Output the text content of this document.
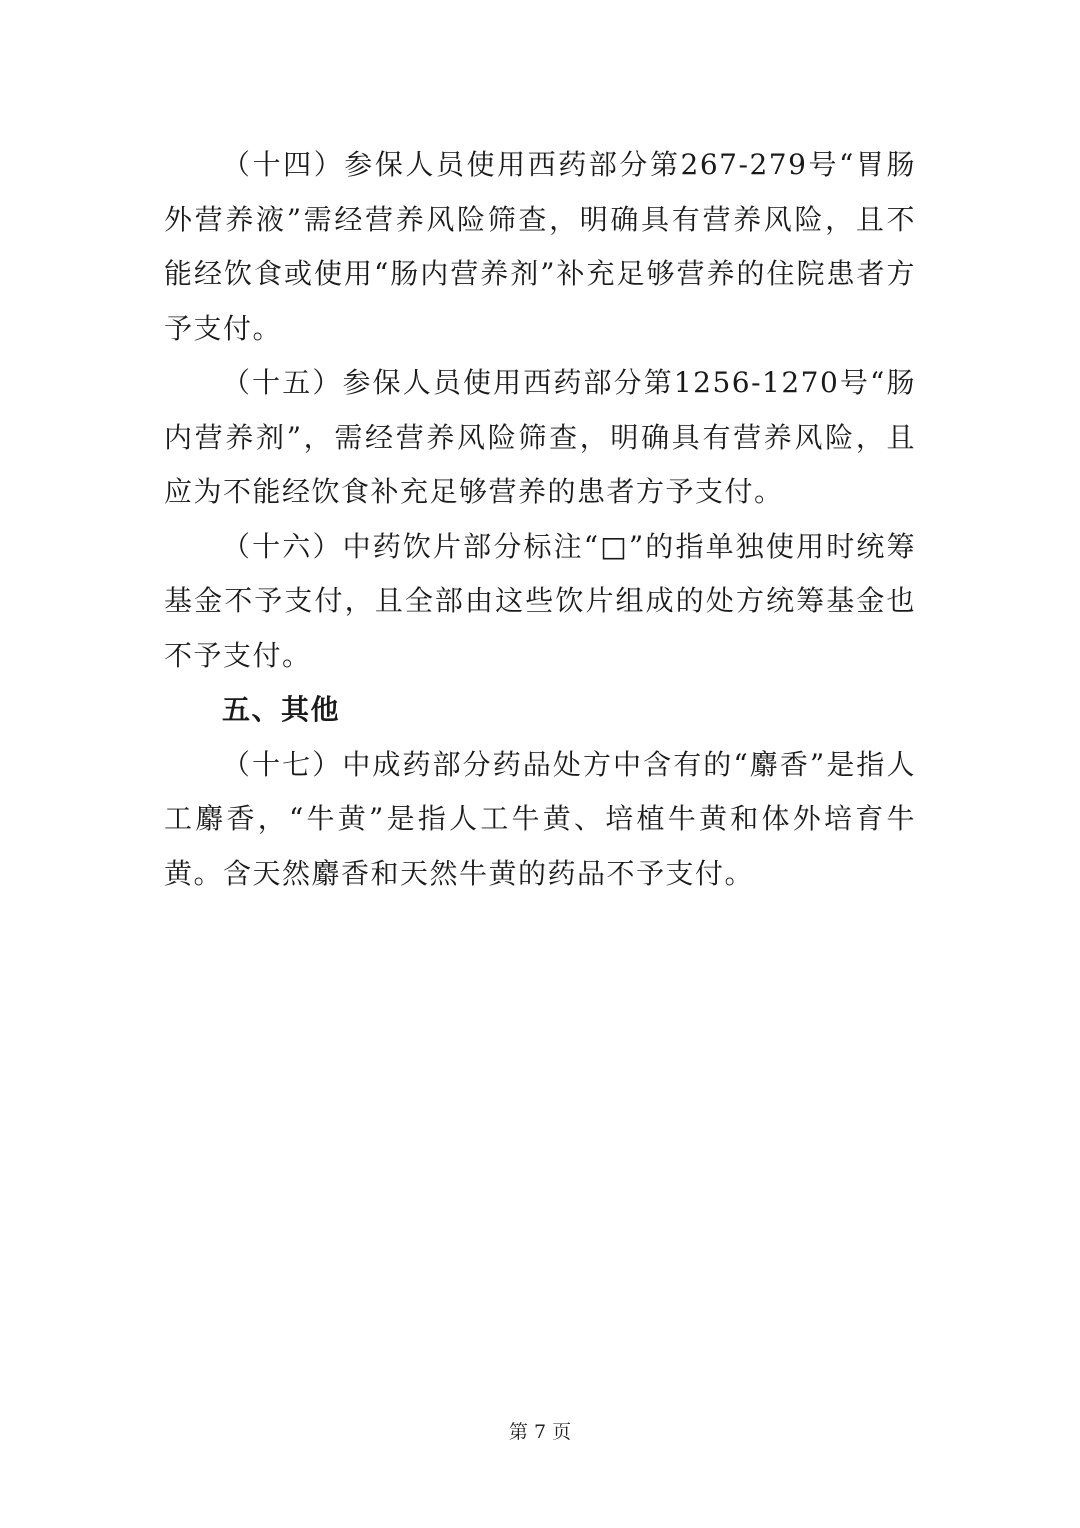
（十四）参保人员使用西药部分第267-279号“胃肠外营养液”需经营养风险筛查，明确具有营养风险，且不能经饮食或使用“肠内营养剂”补充足够营养的住院患者方予支付。

（十五）参保人员使用西药部分第1256-1270号“肠内营养剂”，需经营养风险筛查，明确具有营养风险，且应为不能经饮食补充足够营养的患者方予支付。

（十六）中药饮片部分标注“□”的指单独使用时统筹基金不予支付，且全部由这些饮片组成的处方统筹基金也不予支付。

五、其他

（十七）中成药部分药品处方中含有的“麝香”是指人工麝香，“牛黄”是指人工牛黄、培植牛黄和体外培育牛黄。含天然麝香和天然牛黄的药品不予支付。

第 7 页
